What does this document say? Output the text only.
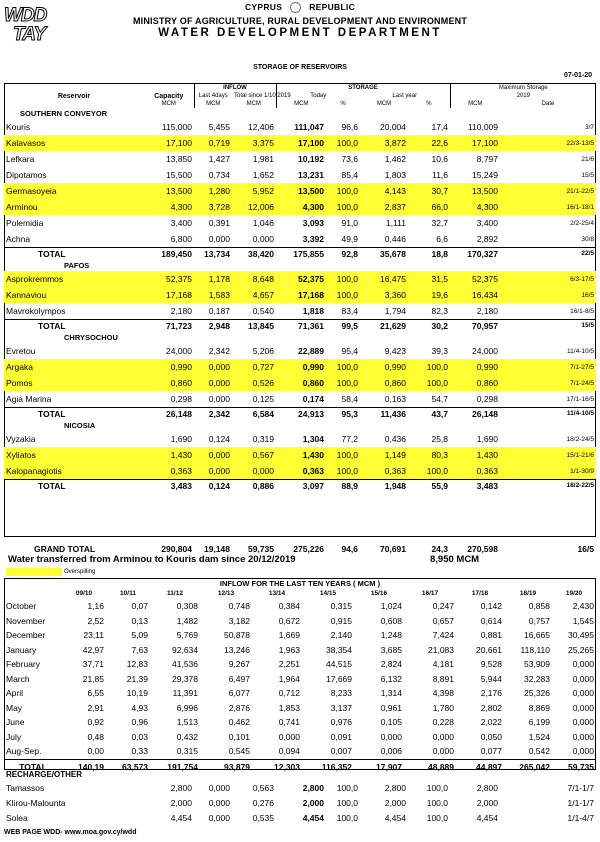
WDD
TAY
CYPRUS	REPUBLIC
MINISTRY OF AGRICULTURE, RURAL DEVELOPMENT AND ENVIRONMENT
WATER DEVELOPMENT DEPARTMENT
STORAGE OF RESERVOIRS
07-01-20
		INFLOW		STORAGE				Maximum Storage	
Reservoir	Capacity	Last 4days	Total since 1/10/2019	Today		Last year		2019	
	MCM	MCM	MCM	MCM	%	MCM	%	MCM	Date
SOUTHERN CONVEYOR									
Kouris	115,000	5,455	12,406	111,047	96,6	20,004	17,4	110,009	3/7
Kalavasos	17,100	0,719	3,375	17,100	100,0	3,872	22,6	17,100	22/3-13/5
Lefkara	13,850	1,427	1,981	10,192	73,6	1,462	10,6	8,797	21/6
Dipotamos	15,500	0,734	1,652	13,231	85,4	1,803	11,6	15,249	15/5
Germasoyeia	13,500	1,280	5,952	13,500	100,0	4,143	30,7	13,500	21/1-22/5
Arminou	4,300	3,728	12,006	4,300	100,0	2,837	66,0	4,300	16/1-18/1
Polemidia	3,400	0,391	1,046	3,093	91,0	1,111	32,7	3,400	2/2-25/4
Achna	6,800	0,000	0,000	3,392	49,9	0,446	6,6	2,892	30/8
TOTAL	189,450	13,734	38,420	175,855	92,8	35,678	18,8	170,327	22/5
PAFOS									
Asprokremmos	52,375	1,178	8,648	52,375	100,0	16,475	31,5	52,375	6/3-17/5
Kannaviou	17,168	1,583	4,657	17,168	100,0	3,360	19,6	16,434	16/5
Mavrokolympos	2,180	0,187	0,540	1,818	83,4	1,794	82,3	2,180	16/1-8/5
TOTAL	71,723	2,948	13,845	71,361	99,5	21,629	30,2	70,957	15/5
CHRYSOCHOU									
Evretou	24,000	2,342	5,206	22,889	95,4	9,423	39,3	24,000	11/4-10/5
Argaka	0,990	0,000	0,727	0,990	100,0	0,990	100,0	0,990	7/1-27/5
Pomos	0,860	0,000	0,526	0,860	100,0	0,860	100,0	0,860	7/1-24/5
Agia Marina	0,298	0,000	0,125	0,174	58,4	0,163	54,7	0,298	17/1-16/5
TOTAL	26,148	2,342	6,584	24,913	95,3	11,436	43,7	26,148	11/4-10/5
NICOSIA									
Vyzakia	1,690	0,124	0,319	1,304	77,2	0,436	25,8	1,690	18/2-24/5
Xyliatos	1,430	0,000	0,567	1,430	100,0	1,149	80,3	1,430	15/1-21/6
Kalopanagiotis	0,363	0,000	0,000	0,363	100,0	0,363	100,0	0,363	1/1-30/9
TOTAL	3,483	0,124	0,886	3,097	88,9	1,948	55,9	3,483	18/2-22/5
GRAND TOTAL	290,804	19,148	59,735	275,226	94,6	70,691	24,3	270,598	16/5
Water transferred from Arminou to Kouris dam since 20/12/2019	8,950 MCM
Overspilling
INFLOW FOR THE LAST TEN YEARS ( MCM )											
	09/10	10/11	11/12	12/13	13/14	14/15	15/16	16/17	17/18	18/19	19/20
October	1,16	0,07	0,308	0,748	0,384	0,315	1,024	0,247	0,142	0,858	2,430
November	2,52	0,13	1,482	3,182	0,672	0,915	0,608	0,657	0,614	0,757	1,545
December	23,11	5,09	5,769	50,878	1,669	2,140	1,248	7,424	0,881	16,665	30,495
January	42,97	7,63	92,634	13,246	1,963	38,354	3,685	21,083	20,661	118,110	25,265
February	37,71	12,83	41,536	9,267	2,251	44,515	2,824	4,181	9,528	53,909	0,000
March	21,85	21,39	29,378	6,497	1,964	17,669	6,132	8,891	5,944	32,283	0,000
April	6,55	10,19	11,391	6,077	0,712	8,233	1,314	4,398	2,176	25,326	0,000
May	2,91	4,93	6,996	2,876	1,853	3,137	0,961	1,780	2,802	8,869	0,000
June	0,92	0,96	1,513	0,462	0,741	0,976	0,105	0,228	2,022	6,199	0,000
July	0,48	0,03	0,432	0,101	0,000	0,091	0,000	0,000	0,050	1,524	0,000
Aug-Sep.	0,00	0,33	0,315	0,545	0,094	0,007	0,006	0,000	0,077	0,542	0,000
TOTAL	140,19	63,573	191,754	93,879	12,303	116,352	17,907	48,889	44,897	265,042	59,735
RECHARGE/OTHER									
Tamassos	2,800	0,000	0,563	2,800	100,0	2,800	100,0	2,800	7/1-1/7
Klirou-Malounta	2,000	0,000	0,276	2,000	100,0	2,000	100,0	2,000	1/1-1/7
Solea	4,454	0,000	0,535	4,454	100,0	4,454	100,0	4,454	1/1-4/7
WEB PAGE WDD- www.moa.gov.cy/wdd
